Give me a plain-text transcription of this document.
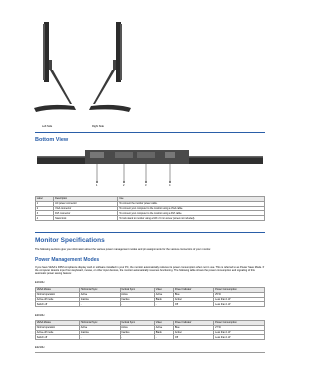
Left Side	Right Side
Bottom View
1	2	3	4
Label	Description	Use
1	AC power connector	To connect the monitor power cable.
2	VGA connector	To connect your computer to the monitor using a VGA cable.
3	DVI connector	To connect your computer to the monitor using a DVI cable.
4	Stand lock	To lock stand to monitor using a M3 x 6 mm screw (screw not included).
Monitor Specifications
The following sections give you information about the various power management modes and pin assignments for the various connectors of your monitor.
Power Management Modes
If you have VESA's DPM compliance display card or software installed in your PC, the monitor automatically reduces its power consumption when not in use. This is referred to as Power Save Mode. If the computer detects input from keyboard, mouse, or other input devices, the monitor automatically resumes functioning. The following table shows the power consumption and signaling of this automatic power saving feature:
E1910H
VESA Modes	Horizontal Sync	Vertical Sync	Video	Power Indicator	Power Consumption
Normal operation	Active	Active	Active	Blue	25 W
Active-off mode	Inactive	Inactive	Blank	Amber	Less than 1 W
Switch off	-	-	-	Off	Less than 1 W
E2010H
VESA Modes	Horizontal Sync	Vertical Sync	Video	Power Indicator	Power Consumption
Normal operation	Active	Active	Active	Blue	27 W
Active-off mode	Inactive	Inactive	Blank	Amber	Less than 1 W
Switch off	-	-	-	Off	Less than 1 W
E2210H
